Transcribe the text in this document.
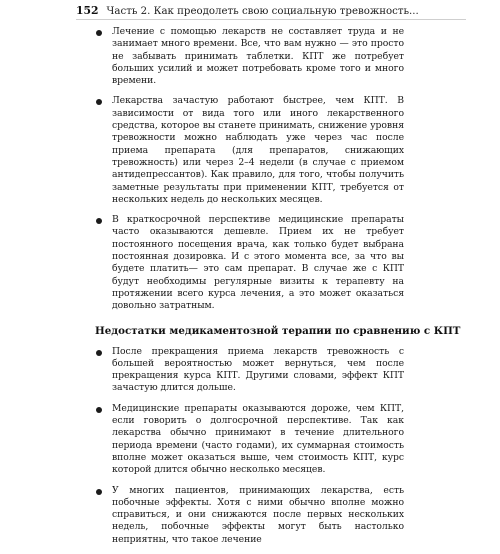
152 Часть 2. Как преодолеть свою социальную тревожность...
Лечение с помощью лекарств не составляет труда и не занимает много времени. Все, что вам нужно — это просто не забывать принимать таблетки. КПТ же потребует больших усилий и может потребовать кроме того и много времени.
Лекарства зачастую работают быстрее, чем КПТ. В зависимости от вида того или иного лекарственного средства, которое вы станете принимать, снижение уровня тревожности можно наблюдать уже через час после приема препарата (для препаратов, снижающих тревожность) или через 2–4 недели (в случае с приемом антидепрессантов). Как правило, для того, чтобы получить заметные результаты при применении КПТ, требуется от нескольких недель до нескольких месяцев.
В краткосрочной перспективе медицинские препараты часто оказываются дешевле. Прием их не требует постоянного посещения врача, как только будет выбрана постоянная дозировка. И с этого момента все, за что вы будете платить— это сам препарат. В случае же с КПТ будут необходимы регулярные визиты к терапевту на протяжении всего курса лечения, а это может оказаться довольно затратным.
Недостатки медикаментозной терапии по сравнению с КПТ
После прекращения приема лекарств тревожность с большей вероятностью может вернуться, чем после прекращения курса КПТ. Другими словами, эффект КПТ зачастую длится дольше.
Медицинские препараты оказываются дороже, чем КПТ, если говорить о долгосрочной перспективе. Так как лекарства обычно принимают в течение длительного периода времени (часто годами), их суммарная стоимость вполне может оказаться выше, чем стоимость КПТ, курс которой длится обычно несколько месяцев.
У многих пациентов, принимающих лекарства, есть побочные эффекты. Хотя с ними обычно вполне можно справиться, и они снижаются после первых нескольких недель, побочные эффекты могут быть настолько неприятны, что такое лечение
